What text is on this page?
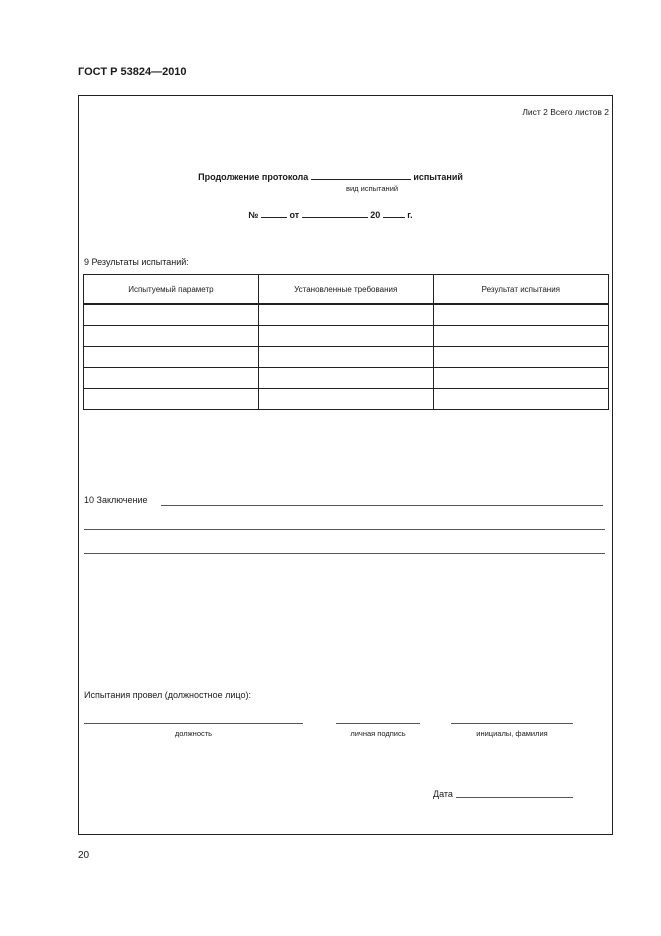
ГОСТ Р 53824—2010
Лист 2 Всего листов 2
Продолжение протокола	испытаний
вид испытаний
№	от	20	г.
9 Результаты испытаний:
Испытуемый параметр	Установленные требования	Результат испытания

10 Заключение
Испытания провел (должностное лицо):
должность	личная подпись	инициалы, фамилия
Дата
20
